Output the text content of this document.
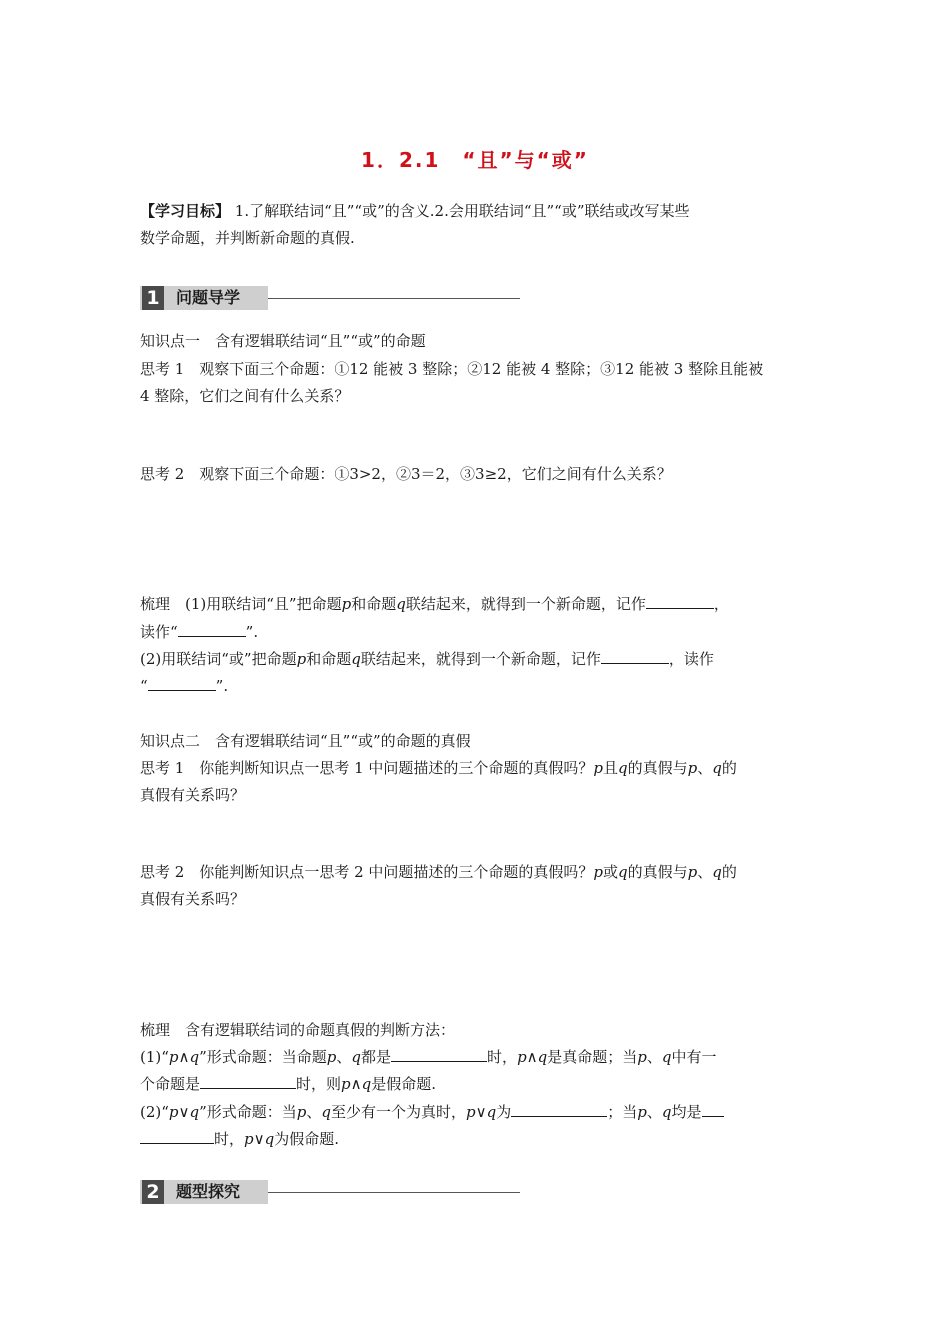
1．2.1　“且”与“或”
【学习目标】 1.了解联结词“且”“或”的含义.2.会用联结词“且”“或”联结或改写某些
数学命题，并判断新命题的真假.
1 问题导学
知识点一　含有逻辑联结词“且”“或”的命题
思考 1　观察下面三个命题：①12 能被 3 整除；②12 能被 4 整除；③12 能被 3 整除且能被
4 整除，它们之间有什么关系？
思考 2　观察下面三个命题：①3>2，②3＝2，③3≥2，它们之间有什么关系？
梳理　(1)用联结词“且”把命题p和命题q联结起来，就得到一个新命题，记作	，
读作“	”.
(2)用联结词“或”把命题p和命题q联结起来，就得到一个新命题，记作	，读作
“	”.
知识点二　含有逻辑联结词“且”“或”的命题的真假
思考 1　你能判断知识点一思考 1 中问题描述的三个命题的真假吗？p且q的真假与p、q的
真假有关系吗？
思考 2　你能判断知识点一思考 2 中问题描述的三个命题的真假吗？p或q的真假与p、q的
真假有关系吗？
梳理　含有逻辑联结词的命题真假的判断方法：
(1)“p∧q”形式命题：当命题p、q都是	时，p∧q是真命题；当p、q中有一
个命题是	时，则p∧q是假命题.
(2)“p∨q”形式命题：当p、q至少有一个为真时，p∨q为	；当p、q均是
时，p∨q为假命题.
2 题型探究
